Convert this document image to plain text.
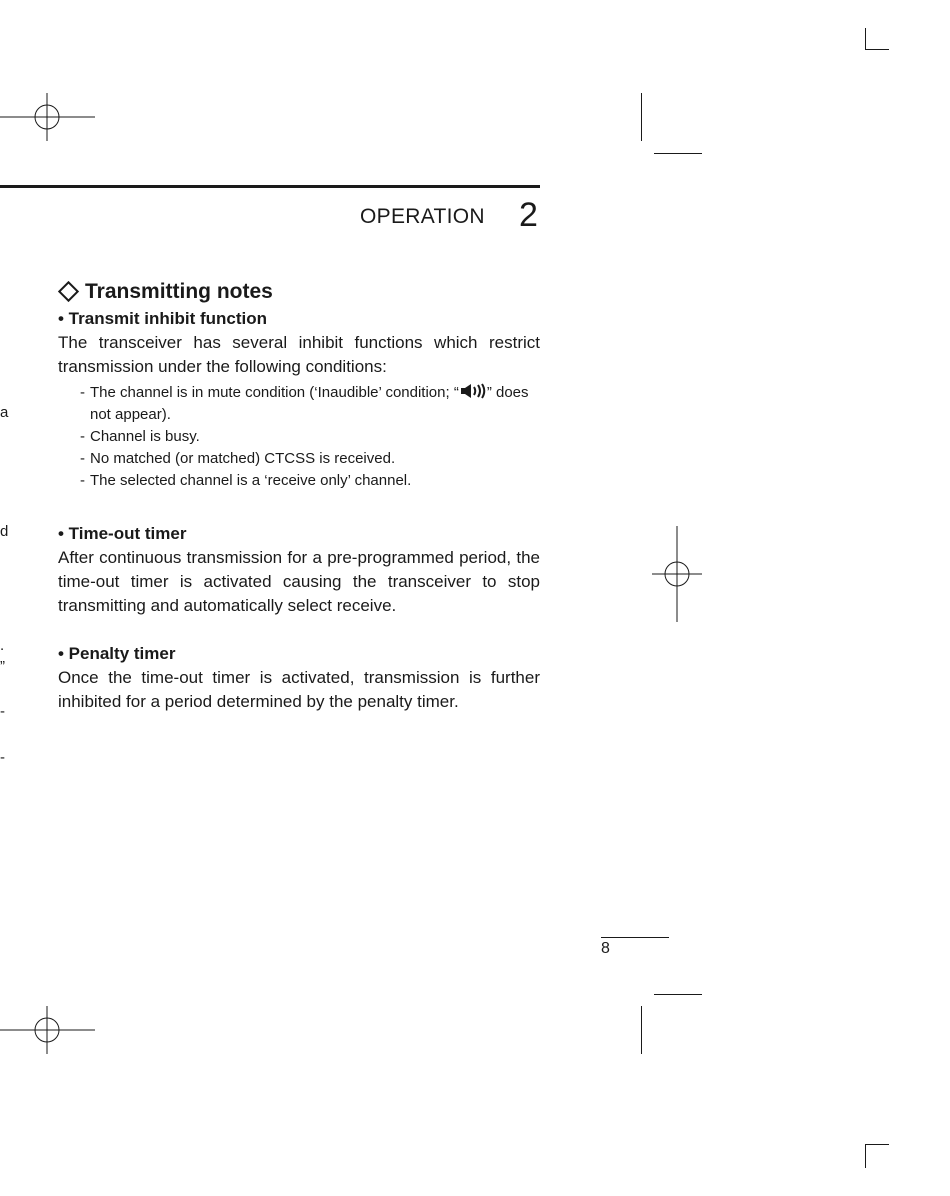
a
d
.
”
-
-
OPERATION 2
Transmitting notes

• Transmit inhibit function

The transceiver has several inhibit functions which restrict transmission under the following conditions:

- The channel is in mute condition (‘Inaudible’ condition; “ ” does not appear).
- Channel is busy.
- No matched (or matched) CTCSS is received.
- The selected channel is a ‘receive only’ channel.

• Time-out timer

After continuous transmission for a pre-programmed period, the time-out timer is activated causing the transceiver to stop transmitting and automatically select receive.

• Penalty timer

Once the time-out timer is activated, transmission is further inhibited for a period determined by the penalty timer.

8
